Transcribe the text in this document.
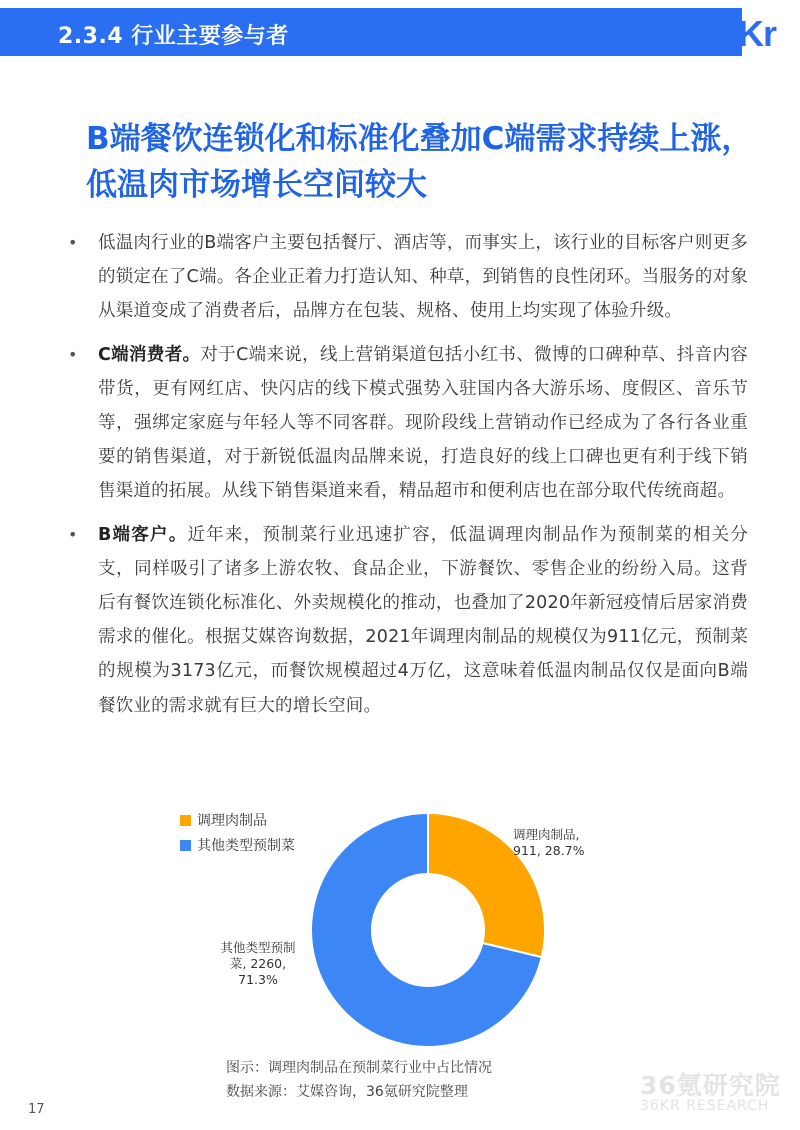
2.3.4 行业主要参与者	36Kr
B端餐饮连锁化和标准化叠加C端需求持续上涨，
低温肉市场增长空间较大
• 低温肉行业的B端客户主要包括餐厅、酒店等，而事实上，该行业的目标客户则更多的锁定在了C端。各企业正着力打造认知、种草，到销售的良性闭环。当服务的对象从渠道变成了消费者后，品牌方在包装、规格、使用上均实现了体验升级。
• C端消费者。对于C端来说，线上营销渠道包括小红书、微博的口碑种草、抖音内容带货，更有网红店、快闪店的线下模式强势入驻国内各大游乐场、度假区、音乐节等，强绑定家庭与年轻人等不同客群。现阶段线上营销动作已经成为了各行各业重要的销售渠道，对于新锐低温肉品牌来说，打造良好的线上口碑也更有利于线下销售渠道的拓展。从线下销售渠道来看，精品超市和便利店也在部分取代传统商超。
• B端客户。近年来，预制菜行业迅速扩容，低温调理肉制品作为预制菜的相关分支，同样吸引了诸多上游农牧、食品企业，下游餐饮、零售企业的纷纷入局。这背后有餐饮连锁化标准化、外卖规模化的推动，也叠加了2020年新冠疫情后居家消费需求的催化。根据艾媒咨询数据，2021年调理肉制品的规模仅为911亿元，预制菜的规模为3173亿元，而餐饮规模超过4万亿，这意味着低温肉制品仅仅是面向B端餐饮业的需求就有巨大的增长空间。
调理肉制品
其他类型预制菜
调理肉制品,
911, 28.7%
其他类型预制
菜, 2260,
71.3%
图示：调理肉制品在预制菜行业中占比情况
数据来源：艾媒咨询，36氪研究院整理	36氪研究院
36KR RESEARCH
17
